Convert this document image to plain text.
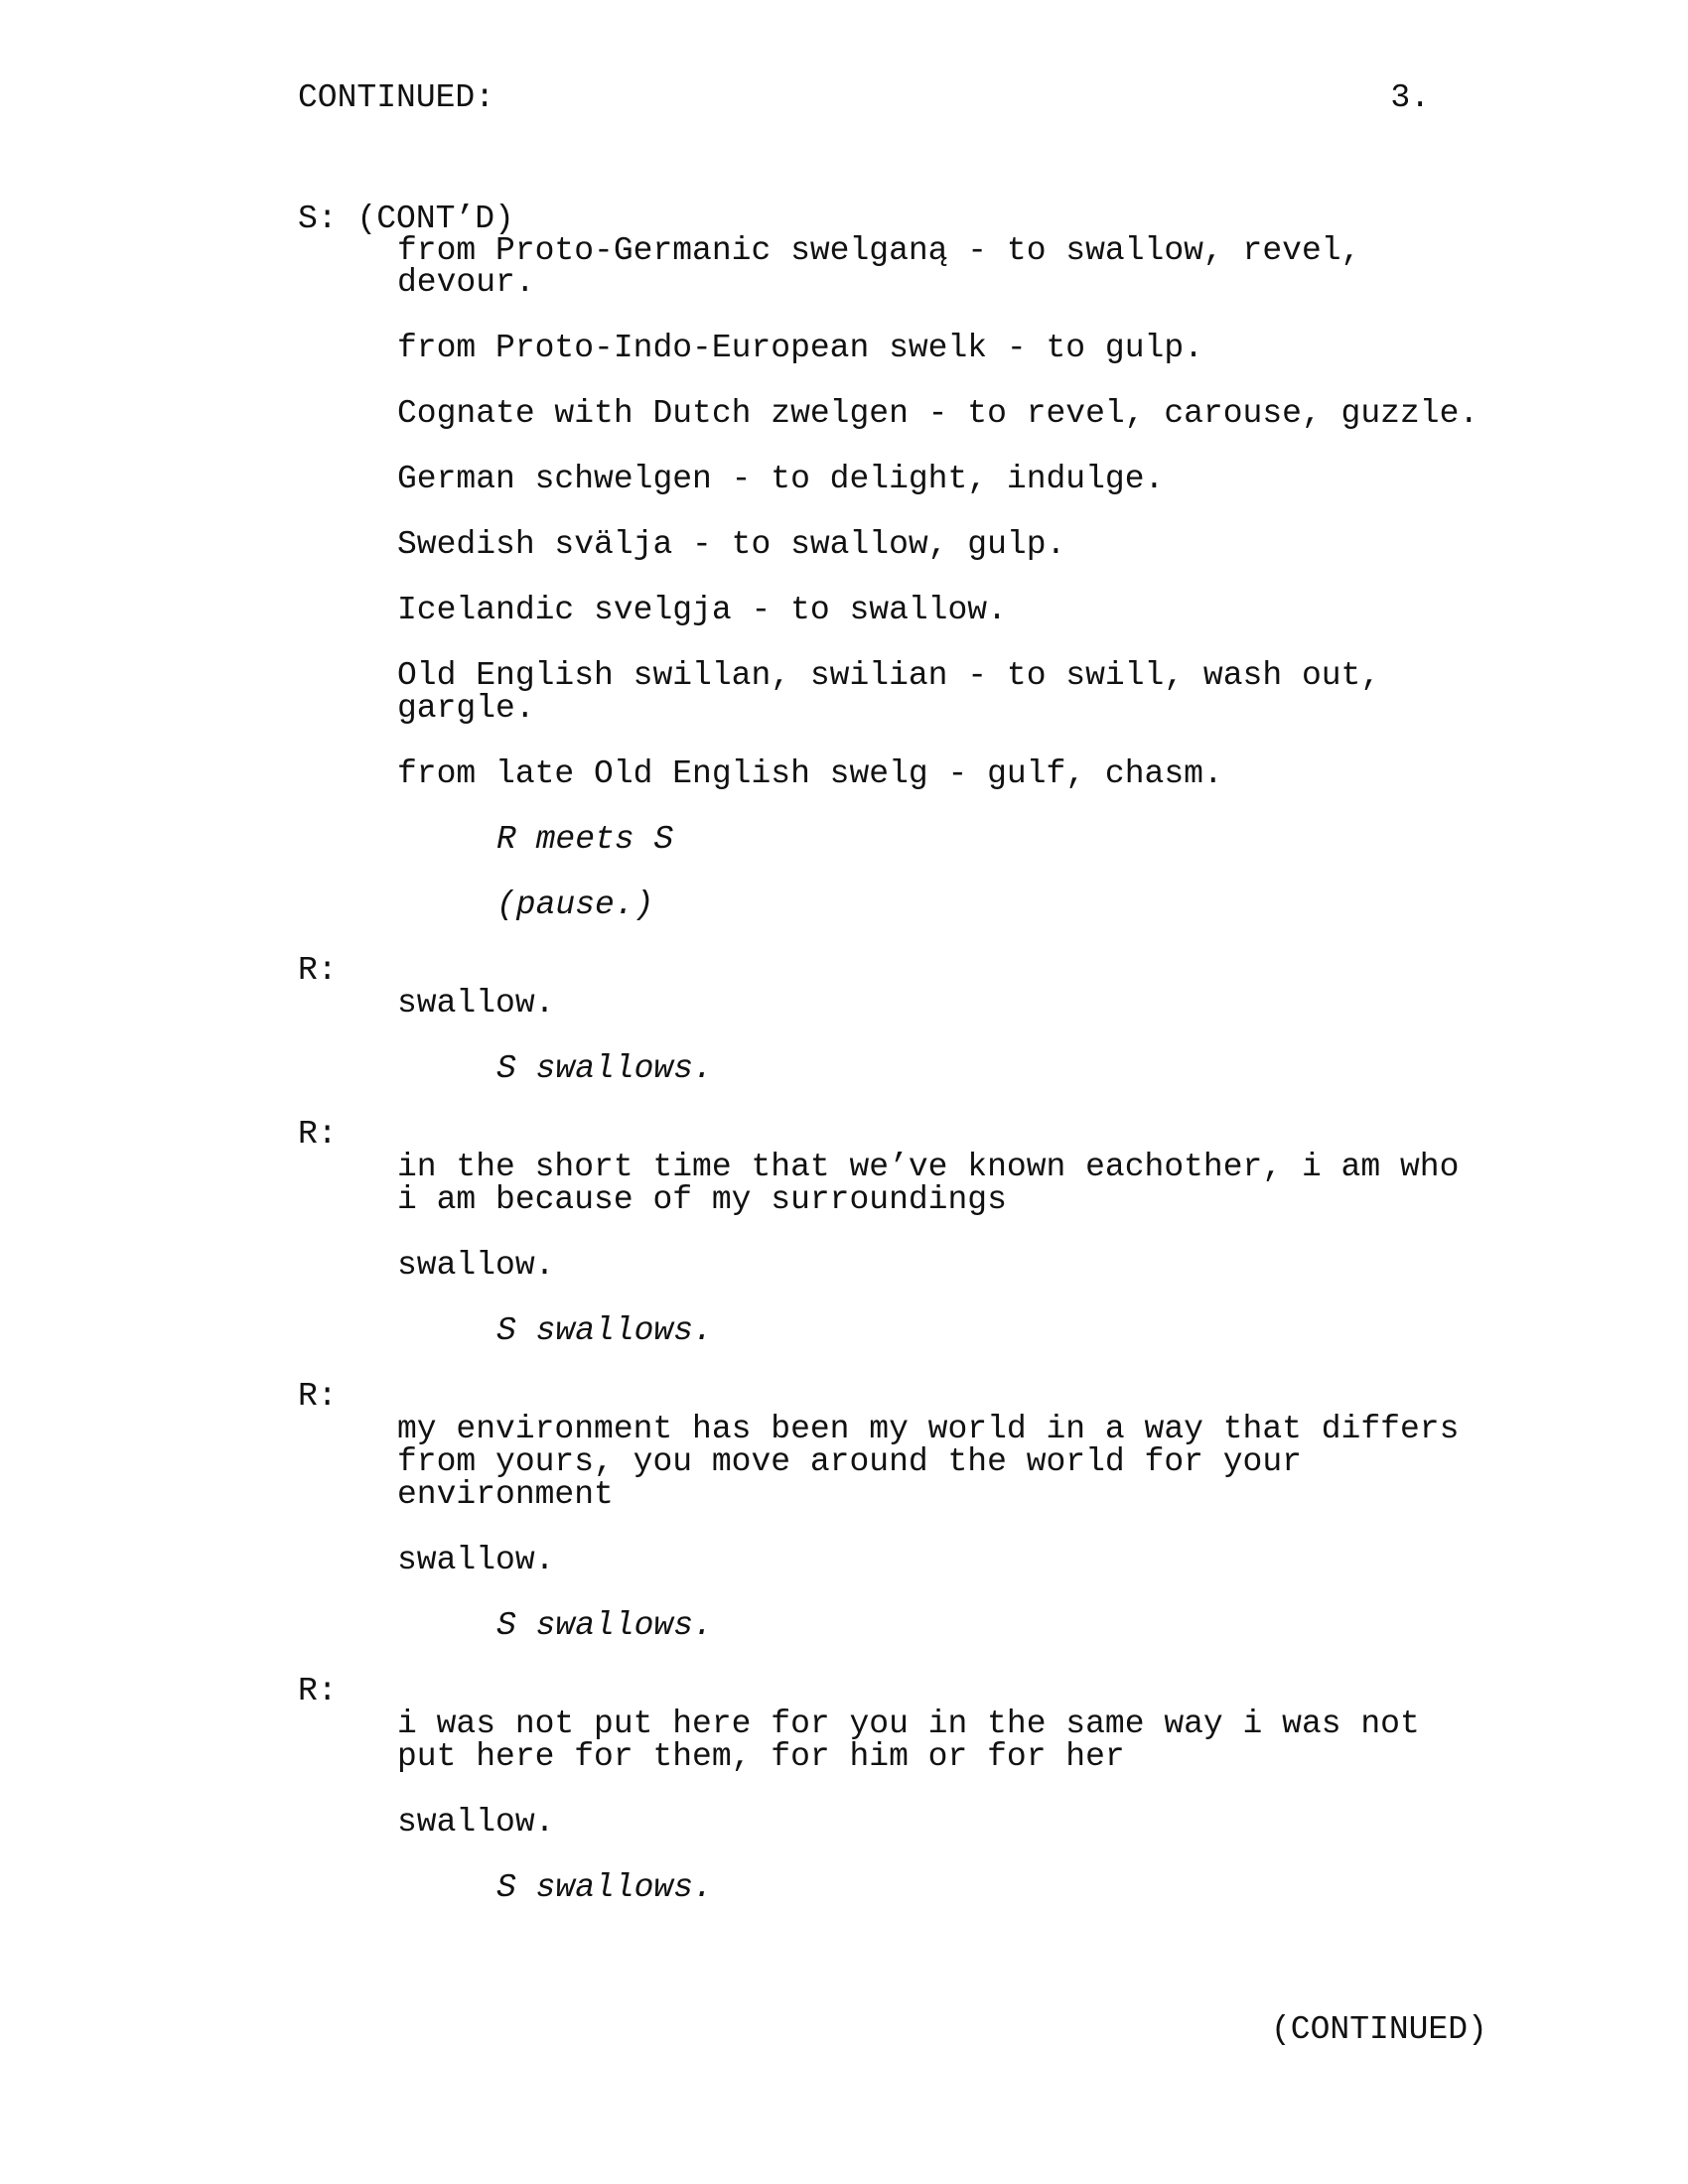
CONTINUED:	3.
S: (CONT’D)
from Proto-Germanic swelganą - to swallow, revel,
devour.
from Proto-Indo-European swelk - to gulp.
Cognate with Dutch zwelgen - to revel, carouse, guzzle.
German schwelgen - to delight, indulge.
Swedish svälja - to swallow, gulp.
Icelandic svelgja - to swallow.
Old English swillan, swilian - to swill, wash out,
gargle.
from late Old English swelg - gulf, chasm.
R meets S
(pause.)
R:
swallow.
S swallows.
R:
in the short time that we’ve known eachother, i am who
i am because of my surroundings
swallow.
S swallows.
R:
my environment has been my world in a way that differs
from yours, you move around the world for your
environment
swallow.
S swallows.
R:
i was not put here for you in the same way i was not
put here for them, for him or for her
swallow.
S swallows.
(CONTINUED)
